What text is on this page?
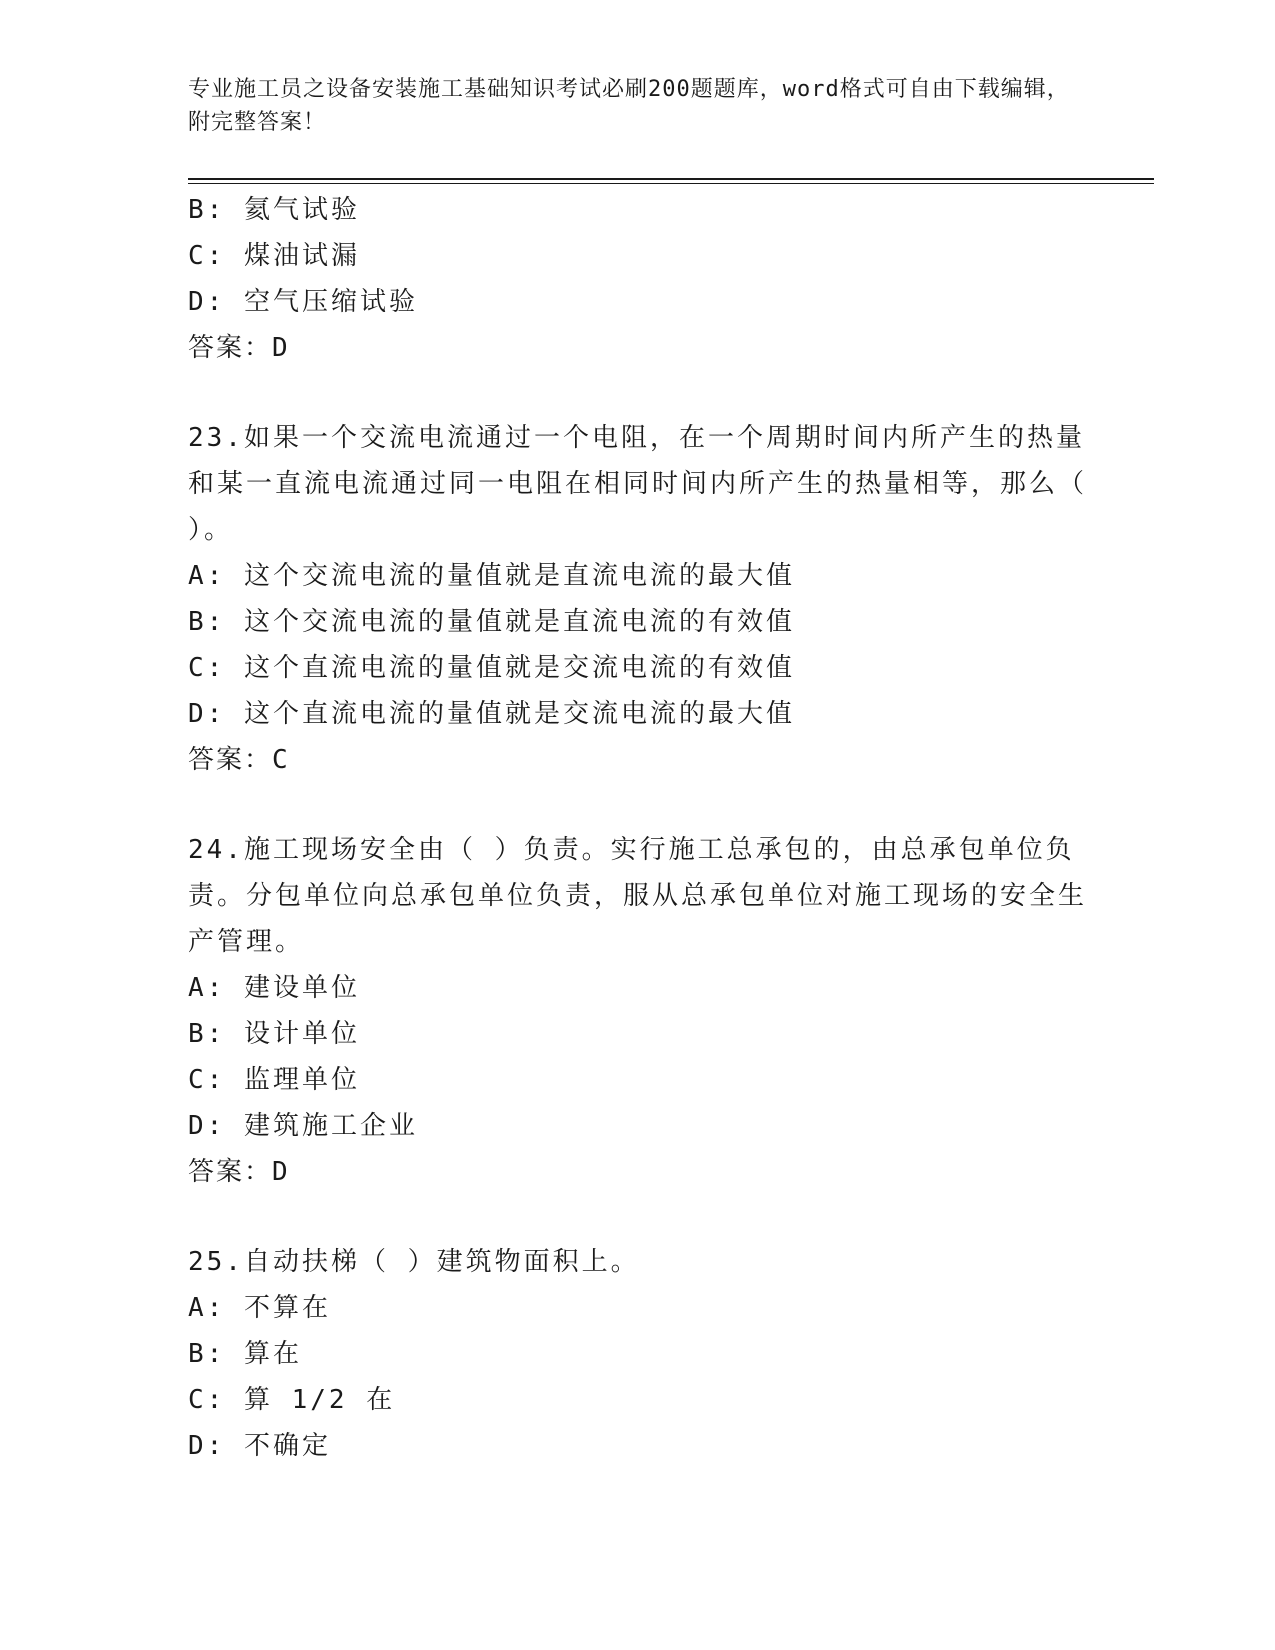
专业施工员之设备安装施工基础知识考试必刷200题题库，word格式可自由下载编辑，附完整答案！
B: 氦气试验
C: 煤油试漏
D: 空气压缩试验
答案：D
23.如果一个交流电流通过一个电阻，在一个周期时间内所产生的热量和某一直流电流通过同一电阻在相同时间内所产生的热量相等，那么（ ）。
A: 这个交流电流的量值就是直流电流的最大值
B: 这个交流电流的量值就是直流电流的有效值
C: 这个直流电流的量值就是交流电流的有效值
D: 这个直流电流的量值就是交流电流的最大值
答案：C
24.施工现场安全由（ ）负责。实行施工总承包的，由总承包单位负责。分包单位向总承包单位负责，服从总承包单位对施工现场的安全生产管理。
A: 建设单位
B: 设计单位
C: 监理单位
D: 建筑施工企业
答案：D
25.自动扶梯（ ）建筑物面积上。
A: 不算在
B: 算在
C: 算 1/2 在
D: 不确定
